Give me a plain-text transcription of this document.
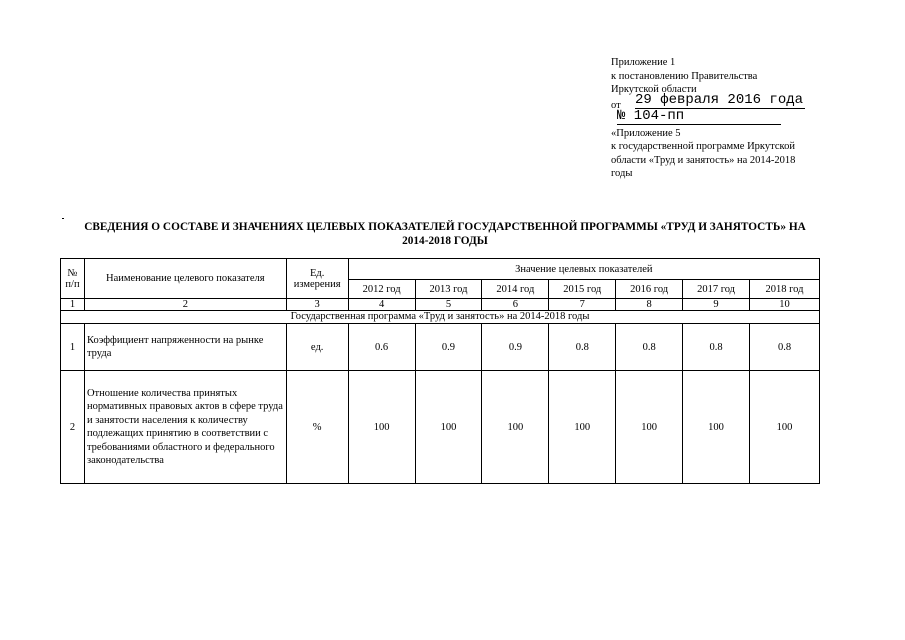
Приложение 1
к постановлению Правительства
Иркутской области
от 29 февраля 2016 года
№ 104-пп
«Приложение 5
к государственной программе Иркутской
области «Труд и занятость» на 2014-2018
годы
СВЕДЕНИЯ О СОСТАВЕ И ЗНАЧЕНИЯХ ЦЕЛЕВЫХ ПОКАЗАТЕЛЕЙ ГОСУДАРСТВЕННОЙ ПРОГРАММЫ «ТРУД И ЗАНЯТОСТЬ» НА
2014-2018 ГОДЫ
№ п/п	Наименование целевого показателя	Ед. измерения	Значение целевых показателей						
			2012 год	2013 год	2014 год	2015 год	2016 год	2017 год	2018 год
1	2	3	4	5	6	7	8	9	10
Государственная программа «Труд и занятость» на 2014-2018 годы									
1	Коэффициент напряженности на рынке труда	ед.	0.6	0.9	0.9	0.8	0.8	0.8	0.8
2	Отношение количества принятых нормативных правовых актов в сфере труда и занятости населения к количеству подлежащих принятию в соответствии с требованиями областного и федерального законодательства	%	100	100	100	100	100	100	100
